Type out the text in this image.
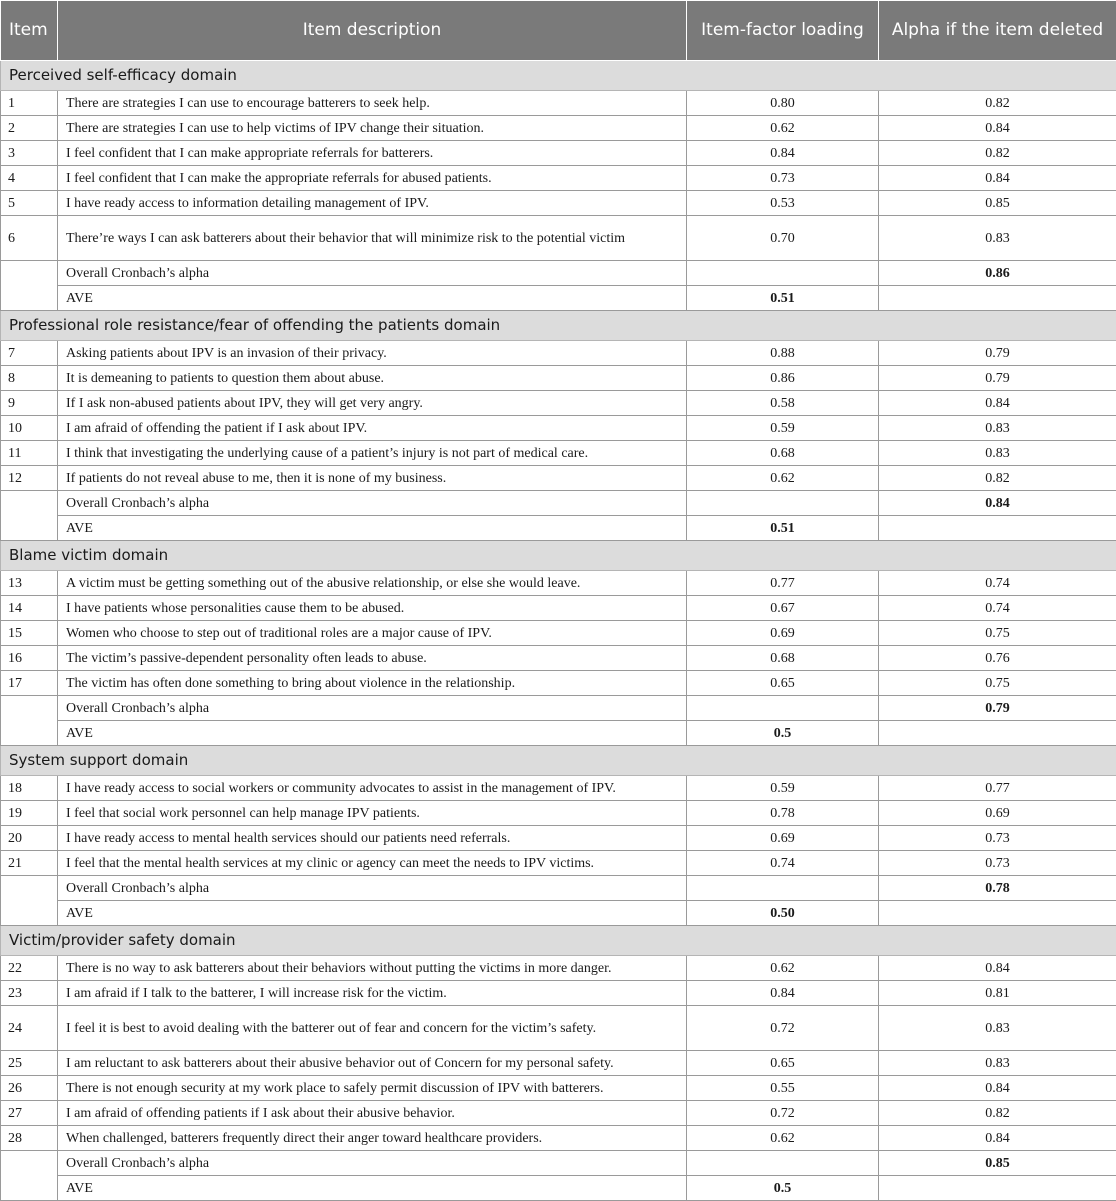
Item	Item description	Item-factor loading	Alpha if the item deleted
Perceived self-efficacy domain			
1	There are strategies I can use to encourage batterers to seek help.	0.80	0.82
2	There are strategies I can use to help victims of IPV change their situation.	0.62	0.84
3	I feel confident that I can make appropriate referrals for batterers.	0.84	0.82
4	I feel confident that I can make the appropriate referrals for abused patients.	0.73	0.84
5	I have ready access to information detailing management of IPV.	0.53	0.85
6	There’re ways I can ask batterers about their behavior that will minimize risk to the potential victim	0.70	0.83
	Overall Cronbach’s alpha		0.86
	AVE	0.51	
Professional role resistance/fear of offending the patients domain			
7	Asking patients about IPV is an invasion of their privacy.	0.88	0.79
8	It is demeaning to patients to question them about abuse.	0.86	0.79
9	If I ask non-abused patients about IPV, they will get very angry.	0.58	0.84
10	I am afraid of offending the patient if I ask about IPV.	0.59	0.83
11	I think that investigating the underlying cause of a patient’s injury is not part of medical care.	0.68	0.83
12	If patients do not reveal abuse to me, then it is none of my business.	0.62	0.82
	Overall Cronbach’s alpha		0.84
	AVE	0.51	
Blame victim domain			
13	A victim must be getting something out of the abusive relationship, or else she would leave.	0.77	0.74
14	I have patients whose personalities cause them to be abused.	0.67	0.74
15	Women who choose to step out of traditional roles are a major cause of IPV.	0.69	0.75
16	The victim’s passive-dependent personality often leads to abuse.	0.68	0.76
17	The victim has often done something to bring about violence in the relationship.	0.65	0.75
	Overall Cronbach’s alpha		0.79
	AVE	0.5	
System support domain			
18	I have ready access to social workers or community advocates to assist in the management of IPV.	0.59	0.77
19	I feel that social work personnel can help manage IPV patients.	0.78	0.69
20	I have ready access to mental health services should our patients need referrals.	0.69	0.73
21	I feel that the mental health services at my clinic or agency can meet the needs to IPV victims.	0.74	0.73
	Overall Cronbach’s alpha		0.78
	AVE	0.50	
Victim/provider safety domain			
22	There is no way to ask batterers about their behaviors without putting the victims in more danger.	0.62	0.84
23	I am afraid if I talk to the batterer, I will increase risk for the victim.	0.84	0.81
24	I feel it is best to avoid dealing with the batterer out of fear and concern for the victim’s safety.	0.72	0.83
25	I am reluctant to ask batterers about their abusive behavior out of Concern for my personal safety.	0.65	0.83
26	There is not enough security at my work place to safely permit discussion of IPV with batterers.	0.55	0.84
27	I am afraid of offending patients if I ask about their abusive behavior.	0.72	0.82
28	When challenged, batterers frequently direct their anger toward healthcare providers.	0.62	0.84
	Overall Cronbach’s alpha		0.85
	AVE	0.5	
